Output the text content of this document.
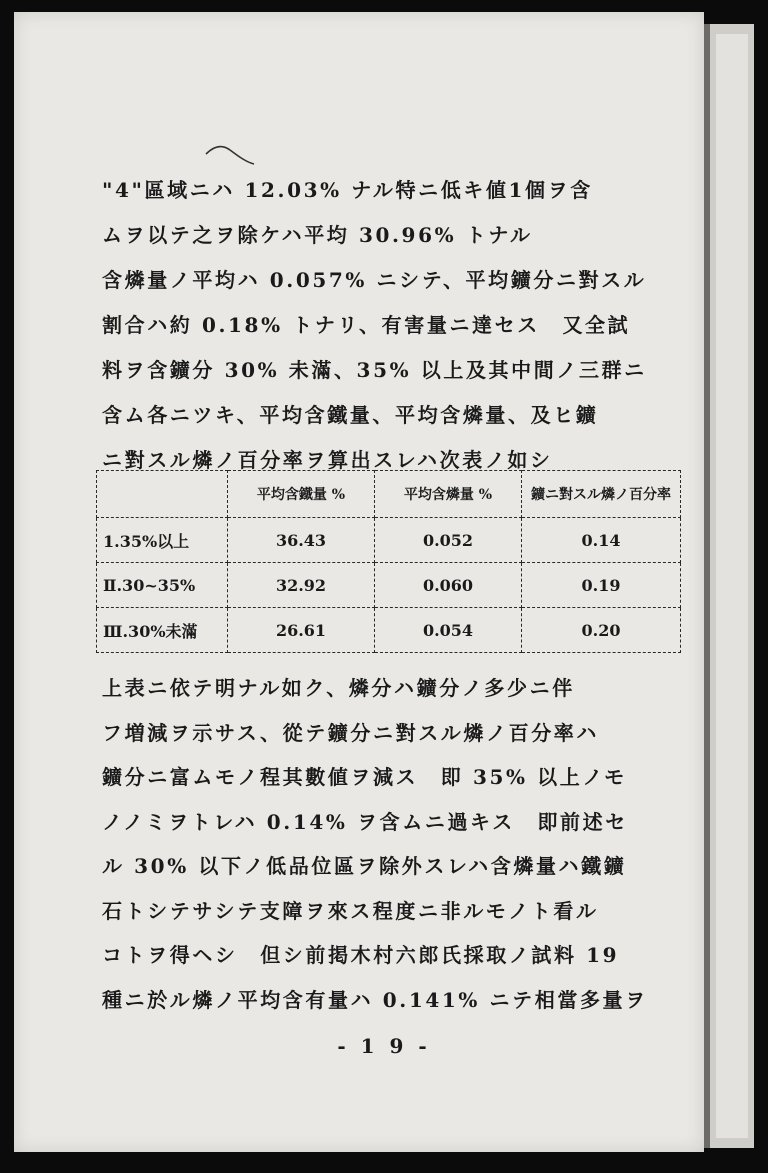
"4"區域ニハ 12.03% ナル特ニ低キ値1個ヲ含
ムヲ以テ之ヲ除ケハ平均 30.96% トナル
含燐量ノ平均ハ 0.057% ニシテ、平均鑛分ニ對スル
割合ハ約 0.18% トナリ、有害量ニ達セス　又全試
料ヲ含鑛分 30% 未滿、35% 以上及其中間ノ三群ニ
含ム各ニツキ、平均含鐵量、平均含燐量、及ヒ鑛
ニ對スル燐ノ百分率ヲ算出スレハ次表ノ如シ
	平均含鐵量 %	平均含燐量 %	鑛ニ對スル燐ノ百分率
1.35%以上	36.43	0.052	0.14
Ⅱ.30~35%	32.92	0.060	0.19
Ⅲ.30%未滿	26.61	0.054	0.20
上表ニ依テ明ナル如ク、燐分ハ鑛分ノ多少ニ伴
フ増減ヲ示サス、從テ鑛分ニ對スル燐ノ百分率ハ
鑛分ニ富ムモノ程其數値ヲ減ス　即 35% 以上ノモ
ノノミヲトレハ 0.14% ヲ含ムニ過キス　即前述セ
ル 30% 以下ノ低品位區ヲ除外スレハ含燐量ハ鐵鑛
石トシテサシテ支障ヲ來ス程度ニ非ルモノト看ル
コトヲ得ヘシ　但シ前掲木村六郎氏採取ノ試料 19
種ニ於ル燐ノ平均含有量ハ 0.141% ニテ相當多量ヲ
- 1 9 -
